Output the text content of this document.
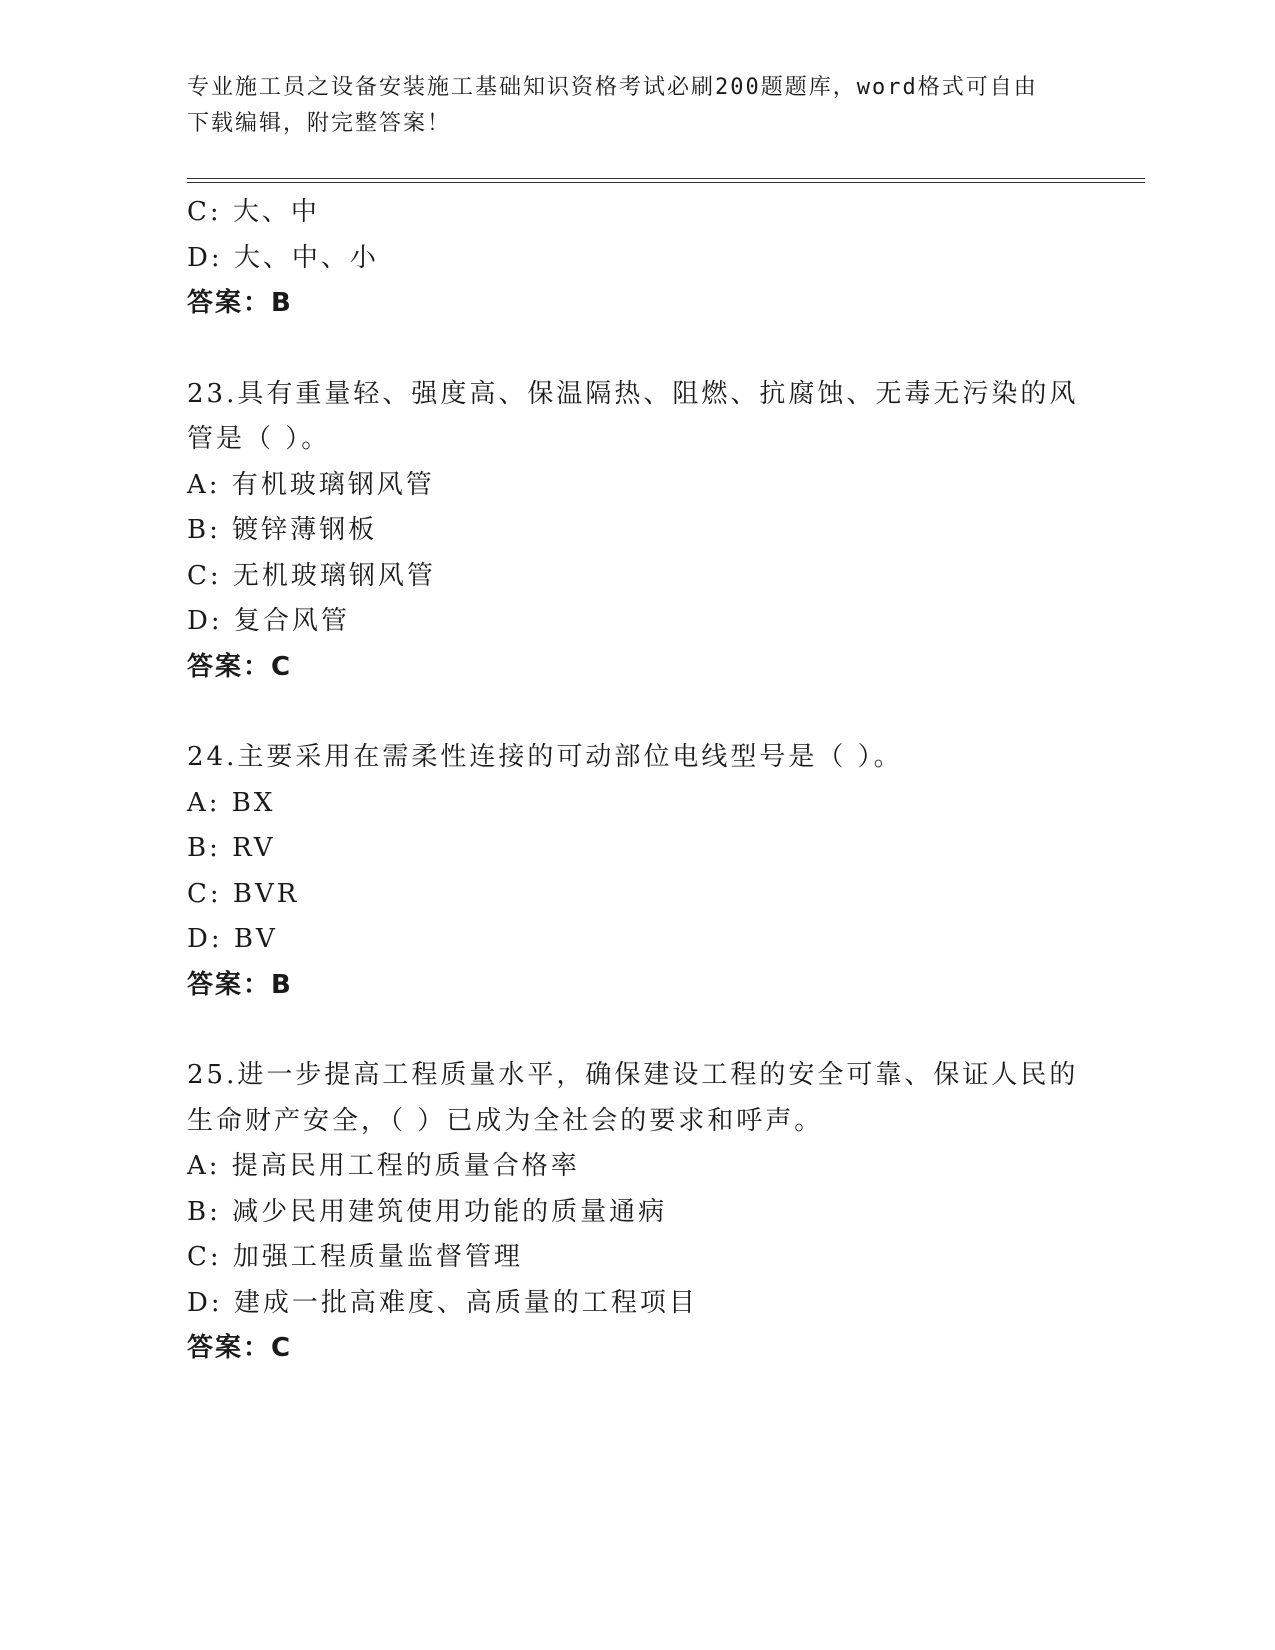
专业施工员之设备安装施工基础知识资格考试必刷200题题库，word格式可自由
下载编辑，附完整答案！
C: 大、中
D: 大、中、小
答案：B
23.具有重量轻、强度高、保温隔热、阻燃、抗腐蚀、无毒无污染的风
管是（ ）。
A: 有机玻璃钢风管
B: 镀锌薄钢板
C: 无机玻璃钢风管
D: 复合风管
答案：C
24.主要采用在需柔性连接的可动部位电线型号是（ ）。
A: BX
B: RV
C: BVR
D: BV
答案：B
25.进一步提高工程质量水平，确保建设工程的安全可靠、保证人民的
生命财产安全，（ ）已成为全社会的要求和呼声。
A: 提高民用工程的质量合格率
B: 减少民用建筑使用功能的质量通病
C: 加强工程质量监督管理
D: 建成一批高难度、高质量的工程项目
答案：C
